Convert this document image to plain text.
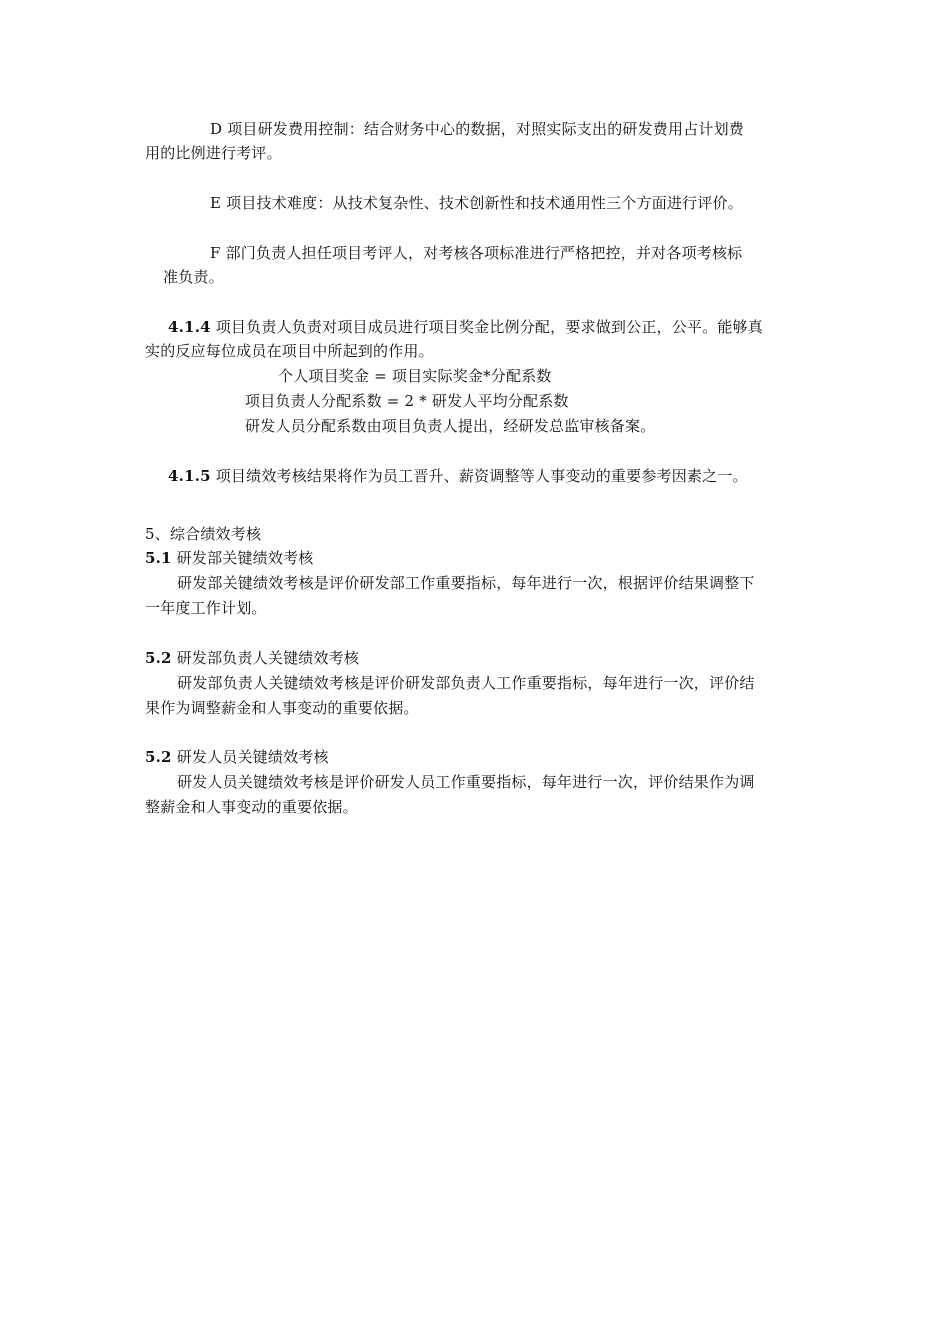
D 项目研发费用控制：结合财务中心的数据，对照实际支出的研发费用占计划费
用的比例进行考评。
E 项目技术难度：从技术复杂性、技术创新性和技术通用性三个方面进行评价。
F 部门负责人担任项目考评人，对考核各项标准进行严格把控，并对各项考核标
准负责。
4.1.4 项目负责人负责对项目成员进行项目奖金比例分配，要求做到公正，公平。能够真
实的反应每位成员在项目中所起到的作用。
个人项目奖金 = 项目实际奖金*分配系数
项目负责人分配系数 = 2 * 研发人平均分配系数
研发人员分配系数由项目负责人提出，经研发总监审核备案。
4.1.5 项目绩效考核结果将作为员工晋升、薪资调整等人事变动的重要参考因素之一。
5、综合绩效考核
5.1 研发部关键绩效考核
研发部关键绩效考核是评价研发部工作重要指标，每年进行一次，根据评价结果调整下
一年度工作计划。
5.2 研发部负责人关键绩效考核
研发部负责人关键绩效考核是评价研发部负责人工作重要指标，每年进行一次，评价结
果作为调整薪金和人事变动的重要依据。
5.2 研发人员关键绩效考核
研发人员关键绩效考核是评价研发人员工作重要指标，每年进行一次，评价结果作为调
整薪金和人事变动的重要依据。
